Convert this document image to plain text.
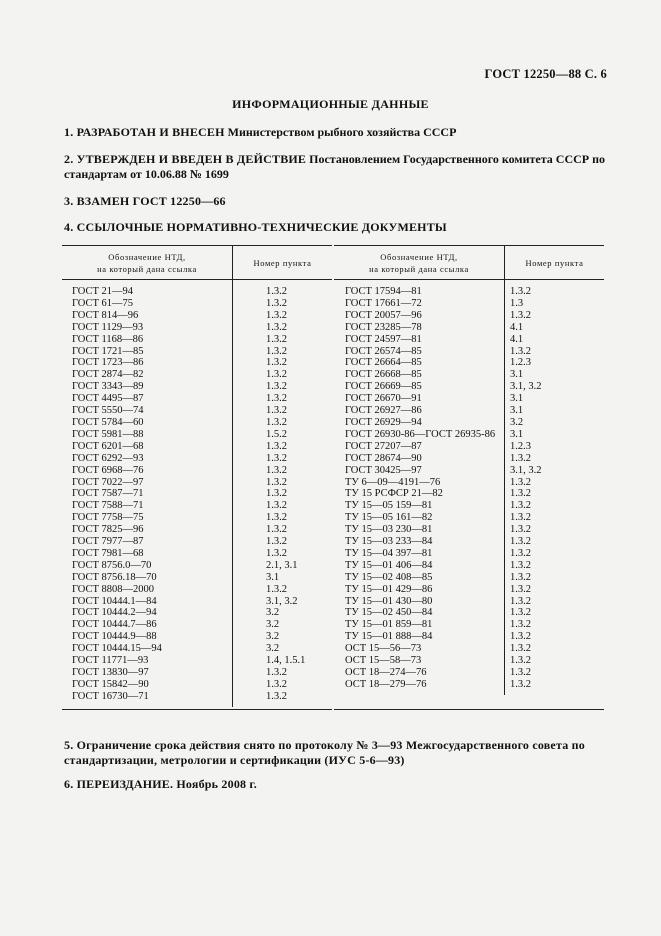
ГОСТ 12250—88 С. 6
ИНФОРМАЦИОННЫЕ ДАННЫЕ
1. РАЗРАБОТАН И ВНЕСЕН Министерством рыбного хозяйства СССР
2. УТВЕРЖДЕН И ВВЕДЕН В ДЕЙСТВИЕ Постановлением Государственного комитета СССР по стандартам от 10.06.88 № 1699
3. ВЗАМЕН ГОСТ 12250—66
4. ССЫЛОЧНЫЕ НОРМАТИВНО-ТЕХНИЧЕСКИЕ ДОКУМЕНТЫ
Обозначение НТД,
на который дана ссылка	Номер пункта
ГОСТ 21—94	1.3.2
ГОСТ 61—75	1.3.2
ГОСТ 814—96	1.3.2
ГОСТ 1129—93	1.3.2
ГОСТ 1168—86	1.3.2
ГОСТ 1721—85	1.3.2
ГОСТ 1723—86	1.3.2
ГОСТ 2874—82	1.3.2
ГОСТ 3343—89	1.3.2
ГОСТ 4495—87	1.3.2
ГОСТ 5550—74	1.3.2
ГОСТ 5784—60	1.3.2
ГОСТ 5981—88	1.5.2
ГОСТ 6201—68	1.3.2
ГОСТ 6292—93	1.3.2
ГОСТ 6968—76	1.3.2
ГОСТ 7022—97	1.3.2
ГОСТ 7587—71	1.3.2
ГОСТ 7588—71	1.3.2
ГОСТ 7758—75	1.3.2
ГОСТ 7825—96	1.3.2
ГОСТ 7977—87	1.3.2
ГОСТ 7981—68	1.3.2
ГОСТ 8756.0—70	2.1, 3.1
ГОСТ 8756.18—70	3.1
ГОСТ 8808—2000	1.3.2
ГОСТ 10444.1—84	3.1, 3.2
ГОСТ 10444.2—94	3.2
ГОСТ 10444.7—86	3.2
ГОСТ 10444.9—88	3.2
ГОСТ 10444.15—94	3.2
ГОСТ 11771—93	1.4, 1.5.1
ГОСТ 13830—97	1.3.2
ГОСТ 15842—90	1.3.2
ГОСТ 16730—71	1.3.2
Обозначение НТД,
на который дана ссылка	Номер пункта
ГОСТ 17594—81	1.3.2
ГОСТ 17661—72	1.3
ГОСТ 20057—96	1.3.2
ГОСТ 23285—78	4.1
ГОСТ 24597—81	4.1
ГОСТ 26574—85	1.3.2
ГОСТ 26664—85	1.2.3
ГОСТ 26668—85	3.1
ГОСТ 26669—85	3.1, 3.2
ГОСТ 26670—91	3.1
ГОСТ 26927—86	3.1
ГОСТ 26929—94	3.2
ГОСТ 26930-86—ГОСТ 26935-86	3.1
ГОСТ 27207—87	1.2.3
ГОСТ 28674—90	1.3.2
ГОСТ 30425—97	3.1, 3.2
ТУ 6—09—4191—76	1.3.2
ТУ 15 РСФСР 21—82	1.3.2
ТУ 15—05 159—81	1.3.2
ТУ 15—05 161—82	1.3.2
ТУ 15—03 230—81	1.3.2
ТУ 15—03 233—84	1.3.2
ТУ 15—04 397—81	1.3.2
ТУ 15—01 406—84	1.3.2
ТУ 15—02 408—85	1.3.2
ТУ 15—01 429—86	1.3.2
ТУ 15—01 430—80	1.3.2
ТУ 15—02 450—84	1.3.2
ТУ 15—01 859—81	1.3.2
ТУ 15—01 888—84	1.3.2
ОСТ 15—56—73	1.3.2
ОСТ 15—58—73	1.3.2
ОСТ 18—274—76	1.3.2
ОСТ 18—279—76	1.3.2
5. Ограничение срока действия снято по протоколу № 3—93 Межгосударственного совета по стандартизации, метрологии и сертификации (ИУС 5-6—93)
6. ПЕРЕИЗДАНИЕ. Ноябрь 2008 г.
